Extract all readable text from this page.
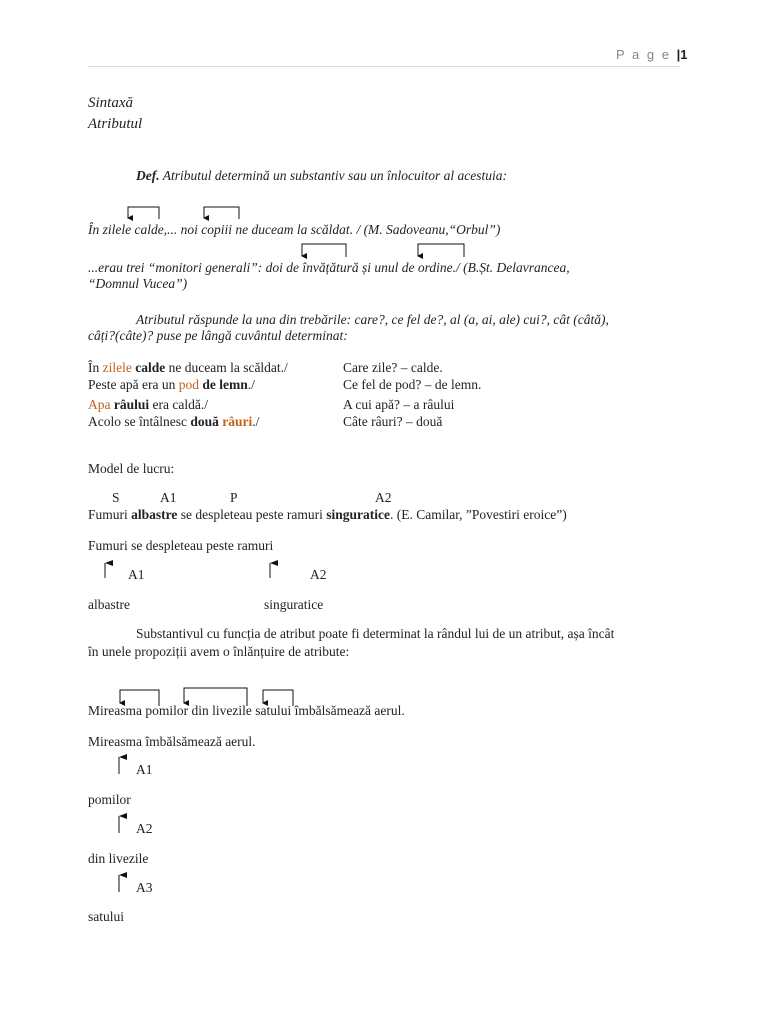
P a g e |1
Sintaxă
Atributul
Def. Atributul determină un substantiv sau un înlocuitor al acestuia:
În zilele calde,... noi copiii ne duceam la scăldat. / (M. Sadoveanu,“Orbul”)
...erau trei “monitori generali”: doi de învățătură și unul de ordine./ (B.Șt. Delavrancea,
“Domnul Vucea”)
Atributul răspunde la una din trebările: care?, ce fel de?, al (a, ai, ale) cui?, cât (câtă),
câți?(câte)? puse pe lângă cuvântul determinat:
În zilele calde ne duceam la scăldat./	Care zile? – calde.
Peste apă era un pod de lemn./	Ce fel de pod? – de lemn.
Apa râului era caldă./	A cui apă? – a râului
Acolo se întâlnesc două râuri./	Câte râuri? – două
Model de lucru:
S	A1	P	A2
Fumuri albastre se despleteau peste ramuri singuratice. (E. Camilar, ”Povestiri eroice”)
Fumuri se despleteau peste ramuri
A1	A2
albastre	singuratice
Substantivul cu funcția de atribut poate fi determinat la rândul lui de un atribut, așa încât
în unele propoziții avem o înlănțuire de atribute:
Mireasma pomilor din livezile satului îmbălsămează aerul.
Mireasma îmbălsămează aerul.
A1
pomilor
A2
din livezile
A3
satului
